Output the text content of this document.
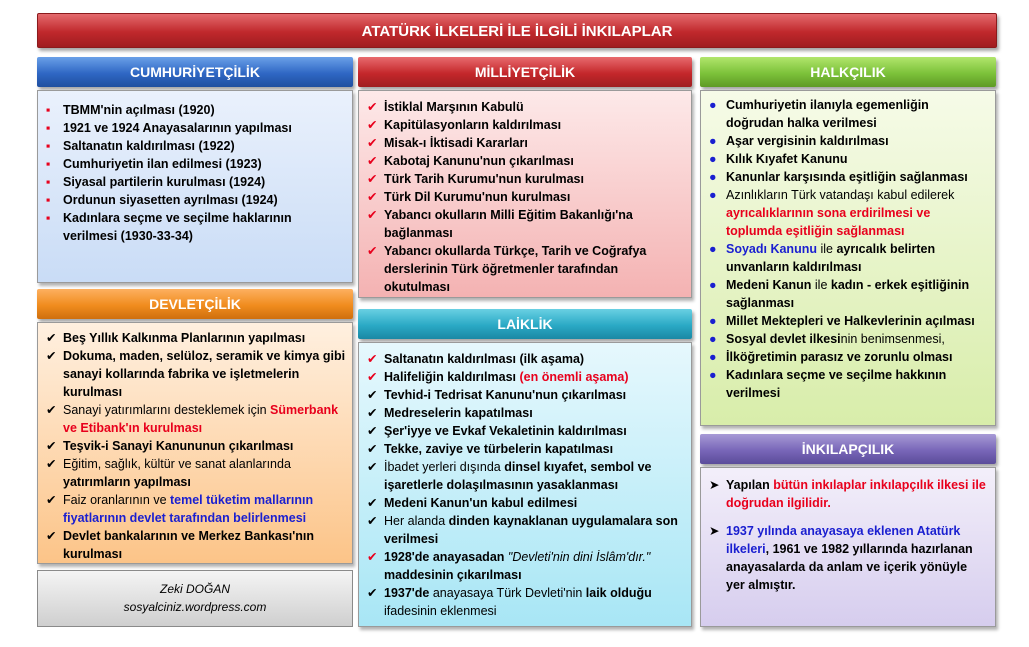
ATATÜRK İLKELERİ İLE İLGİLİ İNKILAPLAR
CUMHURİYETÇİLİK
▪ TBMM'nin açılması (1920)
▪ 1921 ve 1924 Anayasalarının yapılması
▪ Saltanatın kaldırılması (1922)
▪ Cumhuriyetin ilan edilmesi (1923)
▪ Siyasal partilerin kurulması (1924)
▪ Ordunun siyasetten ayrılması (1924)
▪ Kadınlara seçme ve seçilme haklarının verilmesi (1930-33-34)
MİLLİYETÇİLİK
✔ İstiklal Marşının Kabulü
✔ Kapitülasyonların kaldırılması
✔ Misak-ı İktisadi Kararları
✔ Kabotaj Kanunu'nun çıkarılması
✔ Türk Tarih Kurumu'nun kurulması
✔ Türk Dil Kurumu'nun kurulması
✔ Yabancı okulların Milli Eğitim Bakanlığı'na bağlanması
✔ Yabancı okullarda Türkçe, Tarih ve Coğrafya derslerinin Türk öğretmenler tarafından okutulması
HALKÇILIK
● Cumhuriyetin ilanıyla egemenliğin doğrudan halka verilmesi
● Aşar vergisinin kaldırılması
● Kılık Kıyafet Kanunu
● Kanunlar karşısında eşitliğin sağlanması
● Azınlıkların Türk vatandaşı kabul edilerek ayrıcalıklarının sona erdirilmesi ve toplumda eşitliğin sağlanması
● Soyadı Kanunu ile ayrıcalık belirten unvanların kaldırılması
● Medeni Kanun ile kadın - erkek eşitliğinin sağlanması
● Millet Mektepleri ve Halkevlerinin açılması
● Sosyal devlet ilkesinin benimsenmesi,
● İlköğretimin parasız ve zorunlu olması
● Kadınlara seçme ve seçilme hakkının verilmesi
DEVLETÇİLİK
✔ Beş Yıllık Kalkınma Planlarının yapılması
✔ Dokuma, maden, selüloz, seramik ve kimya gibi sanayi kollarında fabrika ve işletmelerin kurulması
✔ Sanayi yatırımlarını desteklemek için Sümerbank ve Etibank'ın kurulması
✔ Teşvik-i Sanayi Kanununun çıkarılması
✔ Eğitim, sağlık, kültür ve sanat alanlarında yatırımların yapılması
✔ Faiz oranlarının ve temel tüketim mallarının fiyatlarının devlet tarafından belirlenmesi
✔ Devlet bankalarının ve Merkez Bankası'nın kurulması
LAİKLİK
✔ Saltanatın kaldırılması (ilk aşama)
✔ Halifeliğin kaldırılması (en önemli aşama)
✔ Tevhid-i Tedrisat Kanunu'nun çıkarılması
✔ Medreselerin kapatılması
✔ Şer'iyye ve Evkaf Vekaletinin kaldırılması
✔ Tekke, zaviye ve türbelerin kapatılması
✔ İbadet yerleri dışında dinsel kıyafet, sembol ve işaretlerle dolaşılmasının yasaklanması
✔ Medeni Kanun'un kabul edilmesi
✔ Her alanda dinden kaynaklanan uygulamalara son verilmesi
✔ 1928'de anayasadan "Devleti'nin dini İslâm'dır." maddesinin çıkarılması
✔ 1937'de anayasaya Türk Devleti'nin laik olduğu ifadesinin eklenmesi
İNKILAPÇILIK
➤ Yapılan bütün inkılaplar inkılapçılık ilkesi ile doğrudan ilgilidir.
➤ 1937 yılında anayasaya eklenen Atatürk ilkeleri, 1961 ve 1982 yıllarında hazırlanan anayasalarda da anlam ve içerik yönüyle yer almıştır.
Zeki DOĞAN
sosyalciniz.wordpress.com
